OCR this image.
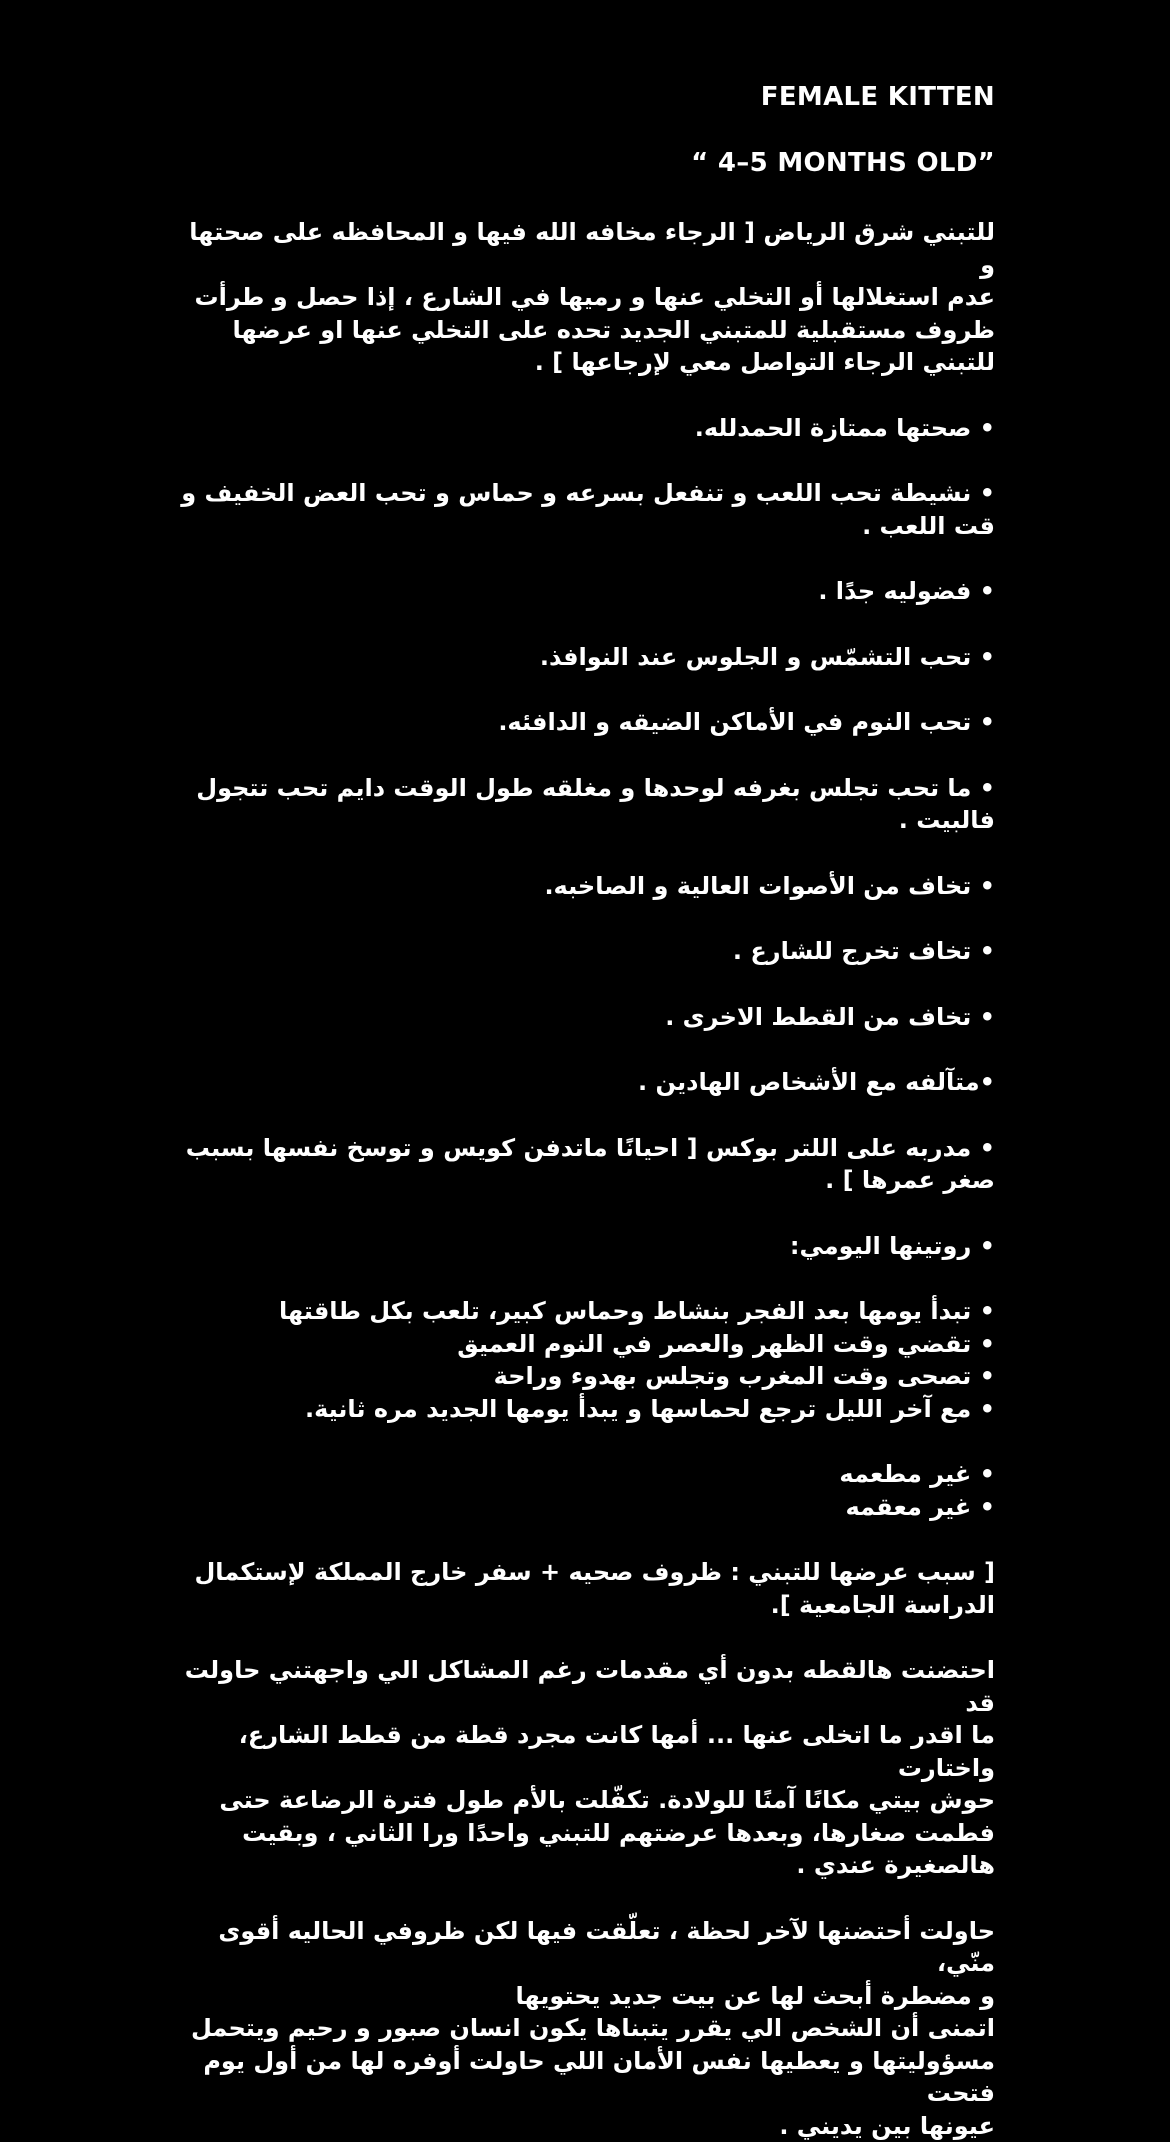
FEMALE KITTEN
“ 4–5 MONTHS OLD”
للتبني شرق الرياض [ الرجاء مخافه الله فيها و المحافظه على صحتها و
عدم استغلالها أو التخلي عنها و رميها في الشارع ، إذا حصل و طرأت
ظروف مستقبلية للمتبني الجديد تحده على التخلي عنها او عرضها
للتبني الرجاء التواصل معي لإرجاعها ] .
• صحتها ممتازة الحمدلله.
• نشيطة تحب اللعب و تنفعل بسرعه و حماس و تحب العض الخفيف و
قت اللعب .
• فضوليه جدًا .
• تحب التشمّس و الجلوس عند النوافذ.
• تحب النوم في الأماكن الضيقه و الدافئه.
• ما تحب تجلس بغرفه لوحدها و مغلقه طول الوقت دايم تحب تتجول
فالبيت .
• تخاف من الأصوات العالية و الصاخبه.
• تخاف تخرج للشارع .
• تخاف من القطط الاخرى .
•متآلفه مع الأشخاص الهادين .
• مدربه على اللتر بوكس [ احيانًا ماتدفن كويس و توسخ نفسها بسبب
صغر عمرها ] .
• روتينها اليومي:
• تبدأ يومها بعد الفجر بنشاط وحماس كبير، تلعب بكل طاقتها
• تقضي وقت الظهر والعصر في النوم العميق
• تصحى وقت المغرب وتجلس بهدوء وراحة
• مع آخر الليل ترجع لحماسها و يبدأ يومها الجديد مره ثانية.
• غير مطعمه
• غير معقمه
[ سبب عرضها للتبني : ظروف صحيه + سفر خارج المملكة لإستكمال
الدراسة الجامعية ].
احتضنت هالقطه بدون أي مقدمات رغم المشاكل الي واجهتني حاولت قد
ما اقدر ما اتخلى عنها ... أمها كانت مجرد قطة من قطط الشارع، واختارت
حوش بيتي مكانًا آمنًا للولادة. تكفّلت بالأم طول فترة الرضاعة حتى
فطمت صغارها، وبعدها عرضتهم للتبني واحدًا ورا الثاني ، وبقيت
هالصغيرة عندي .
حاولت أحتضنها لآخر لحظة ، تعلّقت فيها لكن ظروفي الحاليه أقوى منّي،
و مضطرة أبحث لها عن بيت جديد يحتويها
اتمنى أن الشخص الي يقرر يتبناها يكون انسان صبور و رحيم ويتحمل
مسؤوليتها و يعطيها نفس الأمان اللي حاولت أوفره لها من أول يوم فتحت
عيونها بين يديني .
